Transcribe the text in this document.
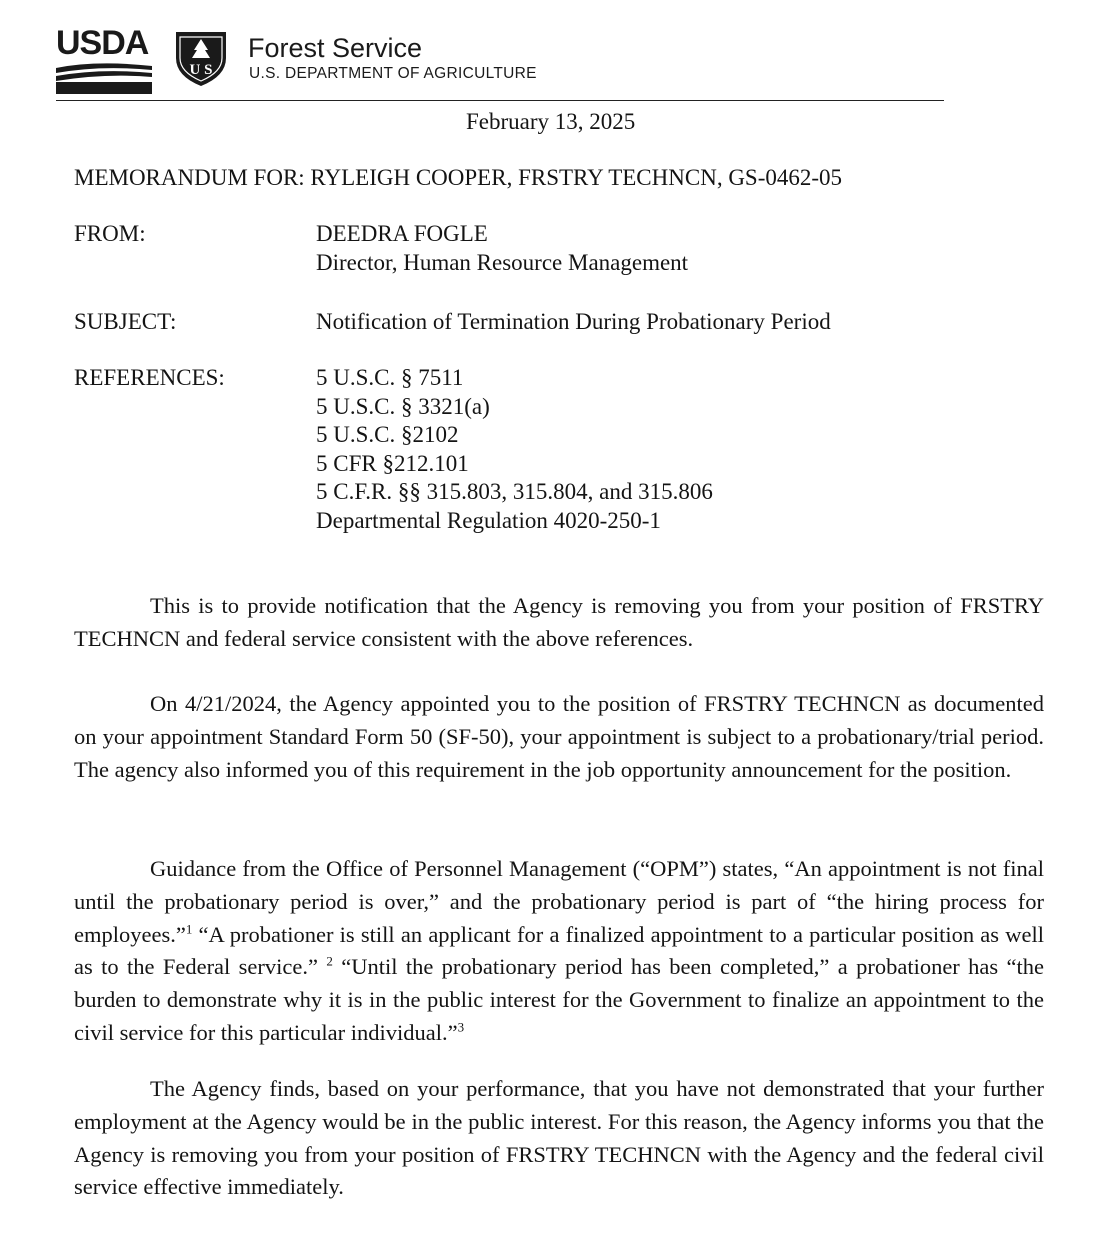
USDA
U S
Forest Service
U.S. DEPARTMENT OF AGRICULTURE
February 13, 2025
MEMORANDUM FOR: RYLEIGH COOPER, FRSTRY TECHNCN, GS-0462-05
FROM:	DEEDRA FOGLE
Director, Human Resource Management
SUBJECT:	Notification of Termination During Probationary Period
REFERENCES:	5 U.S.C. § 7511
5 U.S.C. § 3321(a)
5 U.S.C. §2102
5 CFR §212.101
5 C.F.R. §§ 315.803, 315.804, and 315.806
Departmental Regulation 4020-250-1

This is to provide notification that the Agency is removing you from your position of FRSTRY TECHNCN and federal service consistent with the above references.

On 4/21/2024, the Agency appointed you to the position of FRSTRY TECHNCN as documented on your appointment Standard Form 50 (SF-50), your appointment is subject to a probationary/trial period. The agency also informed you of this requirement in the job opportunity announcement for the position.

Guidance from the Office of Personnel Management (“OPM”) states, “An appointment is not final until the probationary period is over,” and the probationary period is part of “the hiring process for employees.”$^1$ “A probationer is still an applicant for a finalized appointment to a particular position as well as to the Federal service.” $^2$ “Until the probationary period has been completed,” a probationer has “the burden to demonstrate why it is in the public interest for the Government to finalize an appointment to the civil service for this particular individual.”$^3$

The Agency finds, based on your performance, that you have not demonstrated that your further employment at the Agency would be in the public interest. For this reason, the Agency informs you that the Agency is removing you from your position of FRSTRY TECHNCN with the Agency and the federal civil service effective immediately.
